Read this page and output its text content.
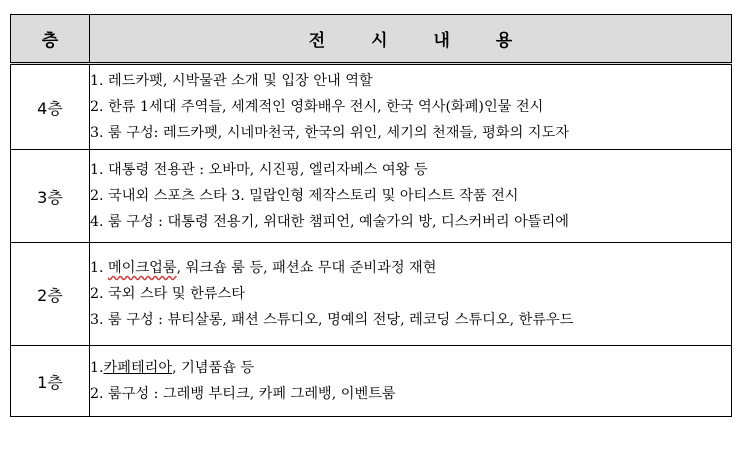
층	전 시 내 용
4층	1. 레드카펫, 시박물관 소개 및 입장 안내 역할
2. 한류 1세대 주역들, 세계적인 영화배우 전시, 한국 역사(화폐)인물 전시
3. 룸 구성: 레드카펫, 시네마천국, 한국의 위인, 세기의 천재들, 평화의 지도자

3층	1. 대통령 전용관 : 오바마, 시진핑, 엘리자베스 여왕 등
2. 국내외 스포츠 스타 3. 밀랍인형 제작스토리 및 아티스트 작품 전시
4. 룸 구성 : 대통령 전용기, 위대한 챔피언, 예술가의 방, 디스커버리 아뜰리에

2층	1. 메이크업룸, 워크숍 룸 등, 패션쇼 무대 준비과정 재현
2. 국외 스타 및 한류스타
3. 룸 구성 : 뷰티살롱, 패션 스튜디오, 명예의 전당, 레코딩 스튜디오, 한류우드

1층	1.카페테리아, 기념품숍 등
2. 룸구성 : 그레뱅 부티크, 카페 그레뱅, 이벤트룸
